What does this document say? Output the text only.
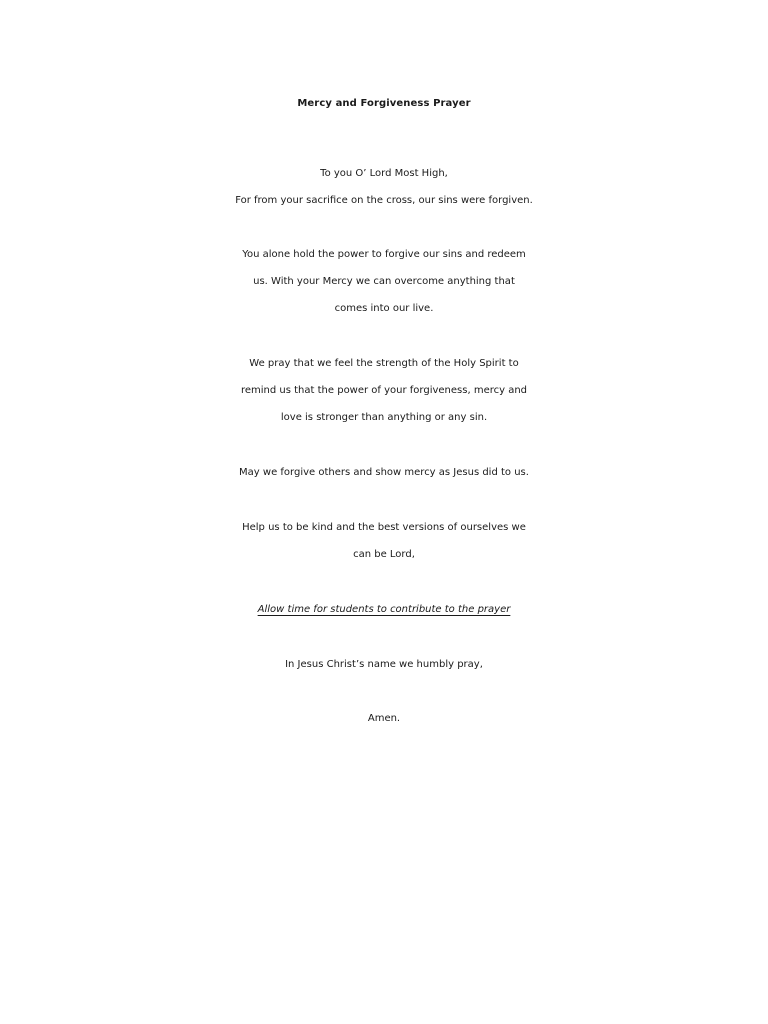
Mercy and Forgiveness Prayer

To you O’ Lord Most High,

For from your sacrifice on the cross, our sins were forgiven.

You alone hold the power to forgive our sins and redeem

us. With your Mercy we can overcome anything that

comes into our live.

We pray that we feel the strength of the Holy Spirit to

remind us that the power of your forgiveness, mercy and

love is stronger than anything or any sin.

May we forgive others and show mercy as Jesus did to us.

Help us to be kind and the best versions of ourselves we

can be Lord,

Allow time for students to contribute to the prayer

In Jesus Christ’s name we humbly pray,

Amen.
